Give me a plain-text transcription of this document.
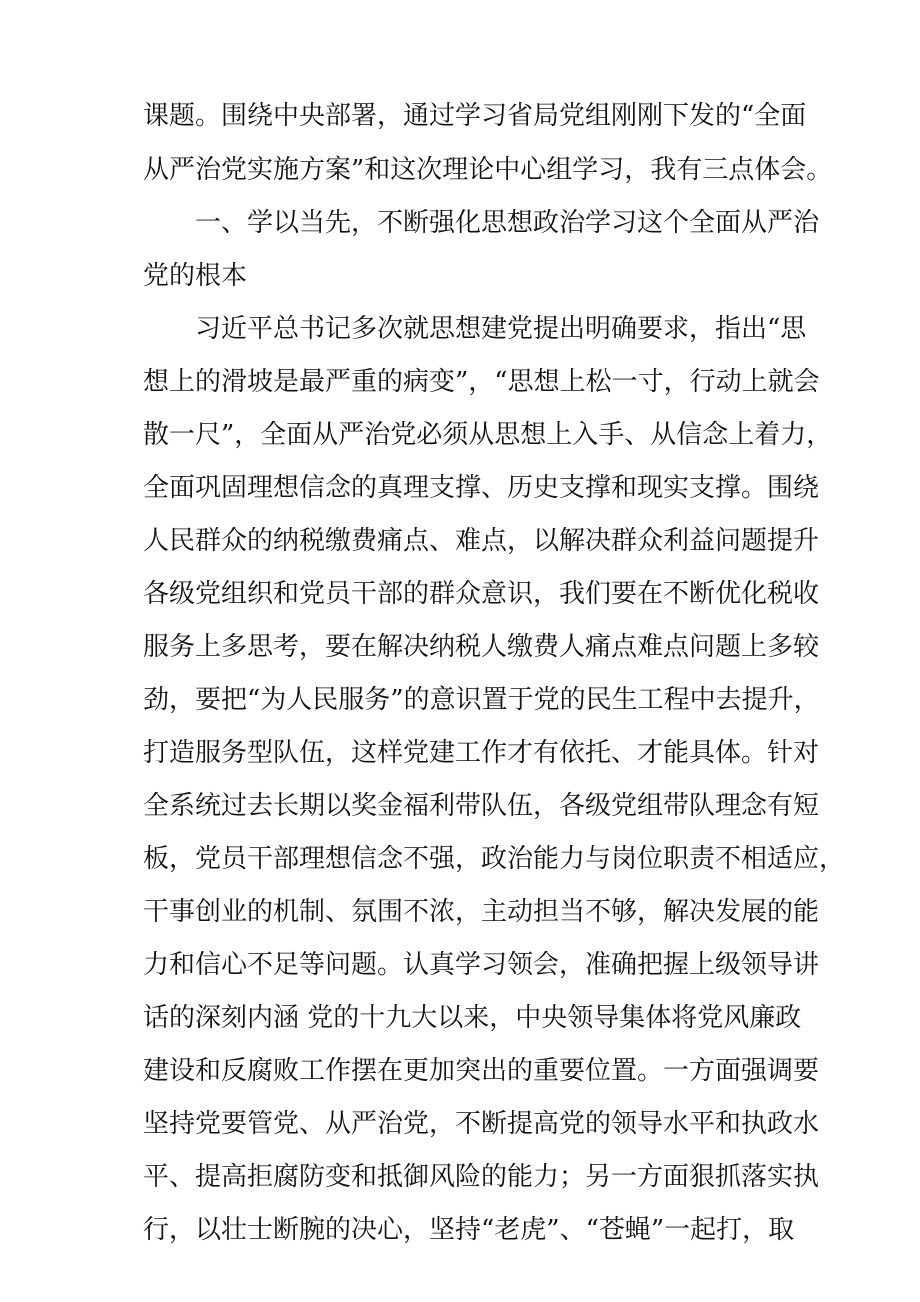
课题。围绕中央部署，通过学习省局党组刚刚下发的“全面
从严治党实施方案”和这次理论中心组学习，我有三点体会。
一、学以当先，不断强化思想政治学习这个全面从严治
党的根本
习近平总书记多次就思想建党提出明确要求，指出“思
想上的滑坡是最严重的病变”，“思想上松一寸，行动上就会
散一尺”，全面从严治党必须从思想上入手、从信念上着力，
全面巩固理想信念的真理支撑、历史支撑和现实支撑。围绕
人民群众的纳税缴费痛点、难点，以解决群众利益问题提升
各级党组织和党员干部的群众意识，我们要在不断优化税收
服务上多思考，要在解决纳税人缴费人痛点难点问题上多较
劲，要把“为人民服务”的意识置于党的民生工程中去提升，
打造服务型队伍，这样党建工作才有依托、才能具体。针对
全系统过去长期以奖金福利带队伍，各级党组带队理念有短
板，党员干部理想信念不强，政治能力与岗位职责不相适应，
干事创业的机制、氛围不浓，主动担当不够，解决发展的能
力和信心不足等问题。认真学习领会，准确把握上级领导讲
话的深刻内涵 党的十九大以来，中央领导集体将党风廉政
建设和反腐败工作摆在更加突出的重要位置。一方面强调要
坚持党要管党、从严治党，不断提高党的领导水平和执政水
平、提高拒腐防变和抵御风险的能力；另一方面狠抓落实执
行，以壮士断腕的决心，坚持“老虎”、“苍蝇”一起打，取
